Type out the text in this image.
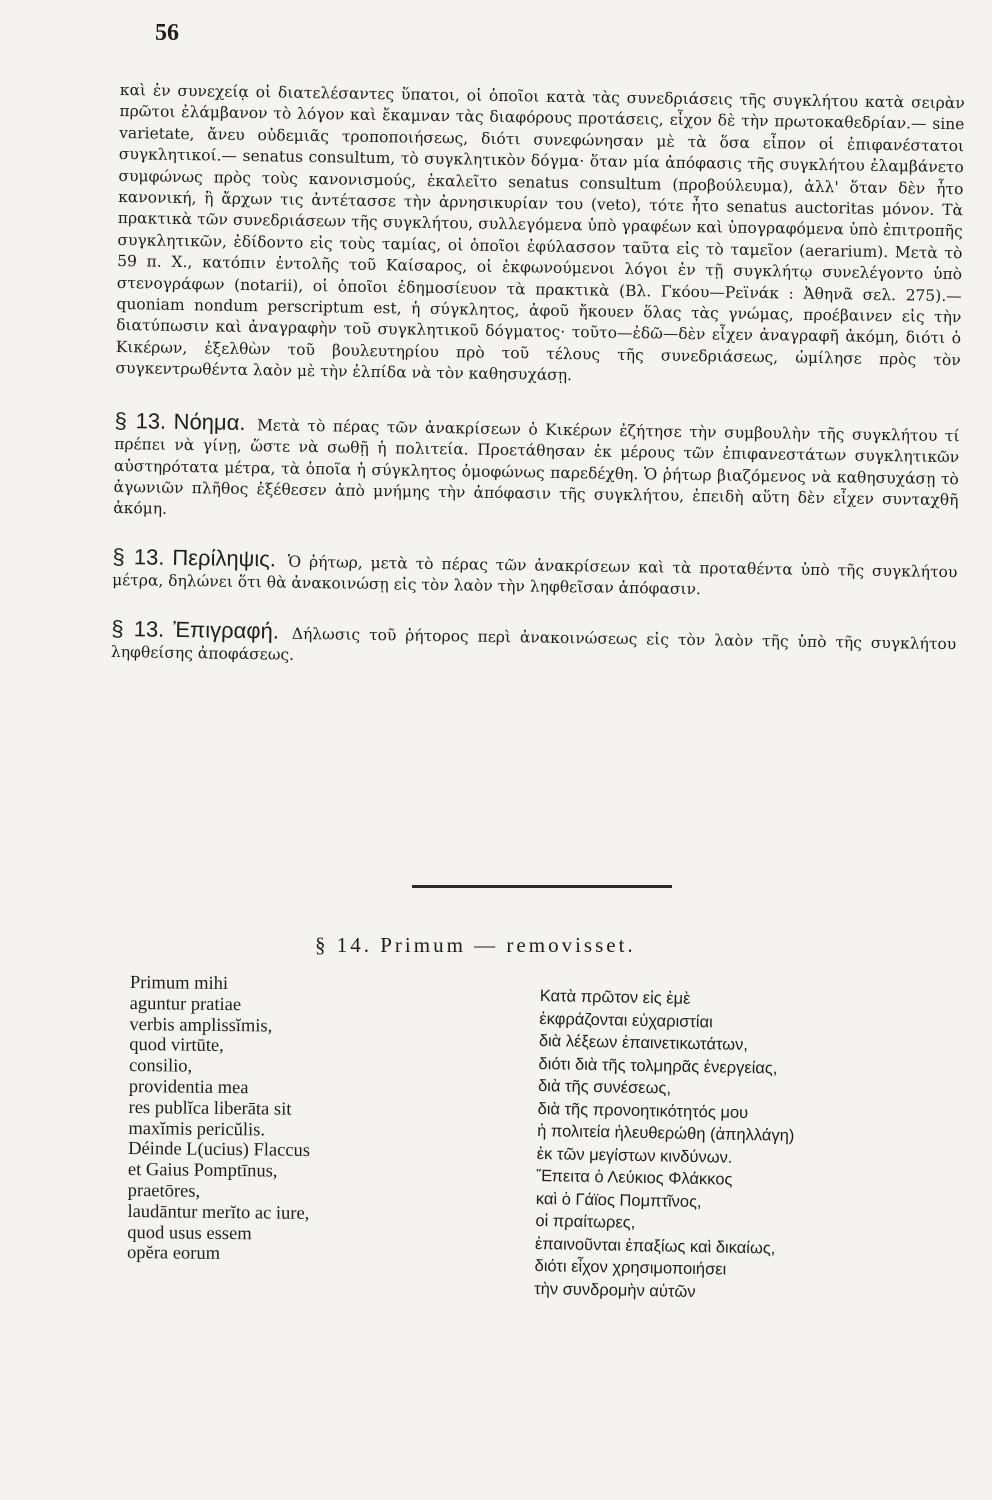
56

καὶ ἐν συνεχείᾳ οἱ διατελέσαντες ὕπατοι, οἱ ὁποῖοι κατὰ τὰς συνεδριάσεις τῆς συγκλήτου κατὰ σειρὰν πρῶτοι ἐλάμβανον τὸ λόγον καὶ ἔκαμναν τὰς διαφόρους προτάσεις, εἶχον δὲ τὴν πρωτοκαθεδρίαν.— sine varietate, ἄνευ οὐδεμιᾶς τροποποιήσεως, διότι συνεφώνησαν μὲ τὰ ὅσα εἶπον οἱ ἐπιφανέστατοι συγκλητικοί.— senatus consultum, τὸ συγκλητικὸν δόγμα· ὅταν μία ἀπόφασις τῆς συγκλήτου ἐλαμβάνετο συμφώνως πρὸς τοὺς κανονισμούς, ἐκαλεῖτο senatus consultum (προβούλευμα), ἀλλ' ὅταν δὲν ἦτο κανονική, ἢ ἄρχων τις ἀντέτασσε τὴν ἀρνησικυρίαν του (veto), τότε ἦτο senatus auctoritas μόνον. Τὰ πρακτικὰ τῶν συνεδριάσεων τῆς συγκλήτου, συλλεγόμενα ὑπὸ γραφέων καὶ ὑπογραφόμενα ὑπὸ ἐπιτροπῆς συγκλητικῶν, ἐδίδοντο εἰς τοὺς ταμίας, οἱ ὁποῖοι ἐφύλασσον ταῦτα εἰς τὸ ταμεῖον (aerarium). Μετὰ τὸ 59 π. Χ., κατόπιν ἐντολῆς τοῦ Καίσαρος, οἱ ἐκφωνούμενοι λόγοι ἐν τῇ συγκλήτῳ συνελέγοντο ὑπὸ στενογράφων (notarii), οἱ ὁποῖοι ἐδημοσίευον τὰ πρακτικὰ (Βλ. Γκόου—Ρεϊνάκ : Ἀθηνᾶ σελ. 275).— quoniam nondum perscriptum est, ἡ σύγκλητος, ἀφοῦ ἤκουεν ὅλας τὰς γνώμας, προέβαινεν εἰς τὴν διατύπωσιν καὶ ἀναγραφὴν τοῦ συγκλητικοῦ δόγματος· τοῦτο—ἐδῶ—δὲν εἶχεν ἀναγραφῆ ἀκόμη, διότι ὁ Κικέρων, ἐξελθὼν τοῦ βουλευτηρίου πρὸ τοῦ τέλους τῆς συνεδριάσεως, ὡμίλησε πρὸς τὸν συγκεντρωθέντα λαὸν μὲ τὴν ἐλπίδα νὰ τὸν καθησυχάσῃ.

§ 13. Νόημα. Μετὰ τὸ πέρας τῶν ἀνακρίσεων ὁ Κικέρων ἐζήτησε τὴν συμβουλὴν τῆς συγκλήτου τί πρέπει νὰ γίνῃ, ὥστε νὰ σωθῇ ἡ πολιτεία. Προετάθησαν ἐκ μέρους τῶν ἐπιφανεστάτων συγκλητικῶν αὐστηρότατα μέτρα, τὰ ὁποῖα ἡ σύγκλητος ὁμοφώνως παρεδέχθη. Ὁ ῥήτωρ βιαζόμενος νὰ καθησυχάσῃ τὸ ἀγωνιῶν πλῆθος ἐξέθεσεν ἀπὸ μνήμης τὴν ἀπόφασιν τῆς συγκλήτου, ἐπειδὴ αὕτη δὲν εἶχεν συνταχθῆ ἀκόμη.

§ 13. Περίληψις. Ὁ ῥήτωρ, μετὰ τὸ πέρας τῶν ἀνακρίσεων καὶ τὰ προταθέντα ὑπὸ τῆς συγκλήτου μέτρα, δηλώνει ὅτι θὰ ἀνακοινώσῃ εἰς τὸν λαὸν τὴν ληφθεῖσαν ἀπόφασιν.

§ 13. Ἐπιγραφή. Δήλωσις τοῦ ῥήτορος περὶ ἀνακοινώσεως εἰς τὸν λαὸν τῆς ὑπὸ τῆς συγκλήτου ληφθείσης ἀποφάσεως.

§ 14. Primum — removisset.
Primum mihi
aguntur pratiae
verbis amplissĭmis,
quod virtūte,
consilio,
providentia mea
res publĭca liberāta sit
maxĭmis pericŭlis.
Déinde L(ucius) Flaccus
et Gaius Pomptīnus,
praetōres,
laudāntur merĭto ac iure,
quod usus essem
opĕra eorum
Κατὰ πρῶτον εἰς ἐμὲ
ἐκφράζονται εὐχαριστίαι
διὰ λέξεων ἐπαινετικωτάτων,
διότι διὰ τῆς τολμηρᾶς ἐνεργείας,
διὰ τῆς συνέσεως,
διὰ τῆς προνοητικότητός μου
ἡ πολιτεία ἠλευθερώθη (ἀπηλλάγη)
ἐκ τῶν μεγίστων κινδύνων.
Ἔπειτα ὁ Λεύκιος Φλάκκος
καὶ ὁ Γάϊος Πομπτῖνος,
οἱ πραίτωρες,
ἐπαινοῦνται ἐπαξίως καὶ δικαίως,
διότι εἶχον χρησιμοποιήσει
τὴν συνδρομὴν αὐτῶν
